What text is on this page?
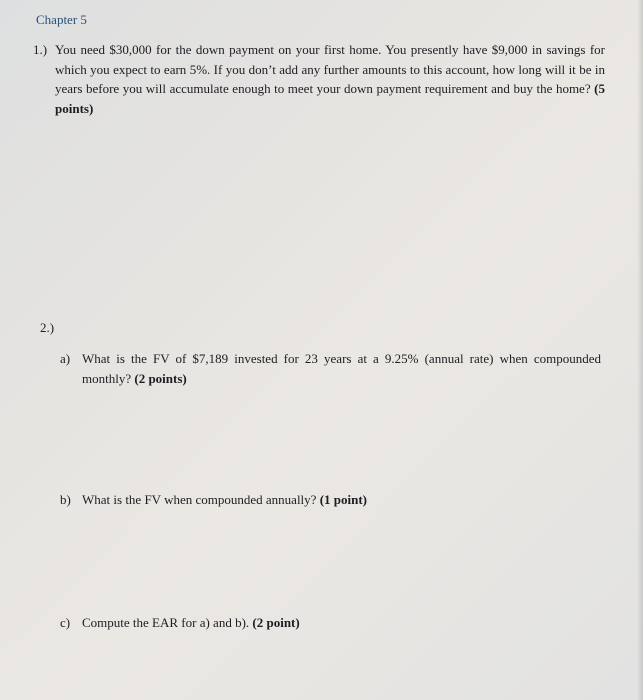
Chapter 5
1.) You need $30,000 for the down payment on your first home. You presently have $9,000 in savings for which you expect to earn 5%. If you don’t add any further amounts to this account, how long will it be in years before you will accumulate enough to meet your down payment requirement and buy the home? (5 points)
2.)
a) What is the FV of $7,189 invested for 23 years at a 9.25% (annual rate) when compounded monthly? (2 points)
b) What is the FV when compounded annually? (1 point)
c) Compute the EAR for a) and b). (2 point)
